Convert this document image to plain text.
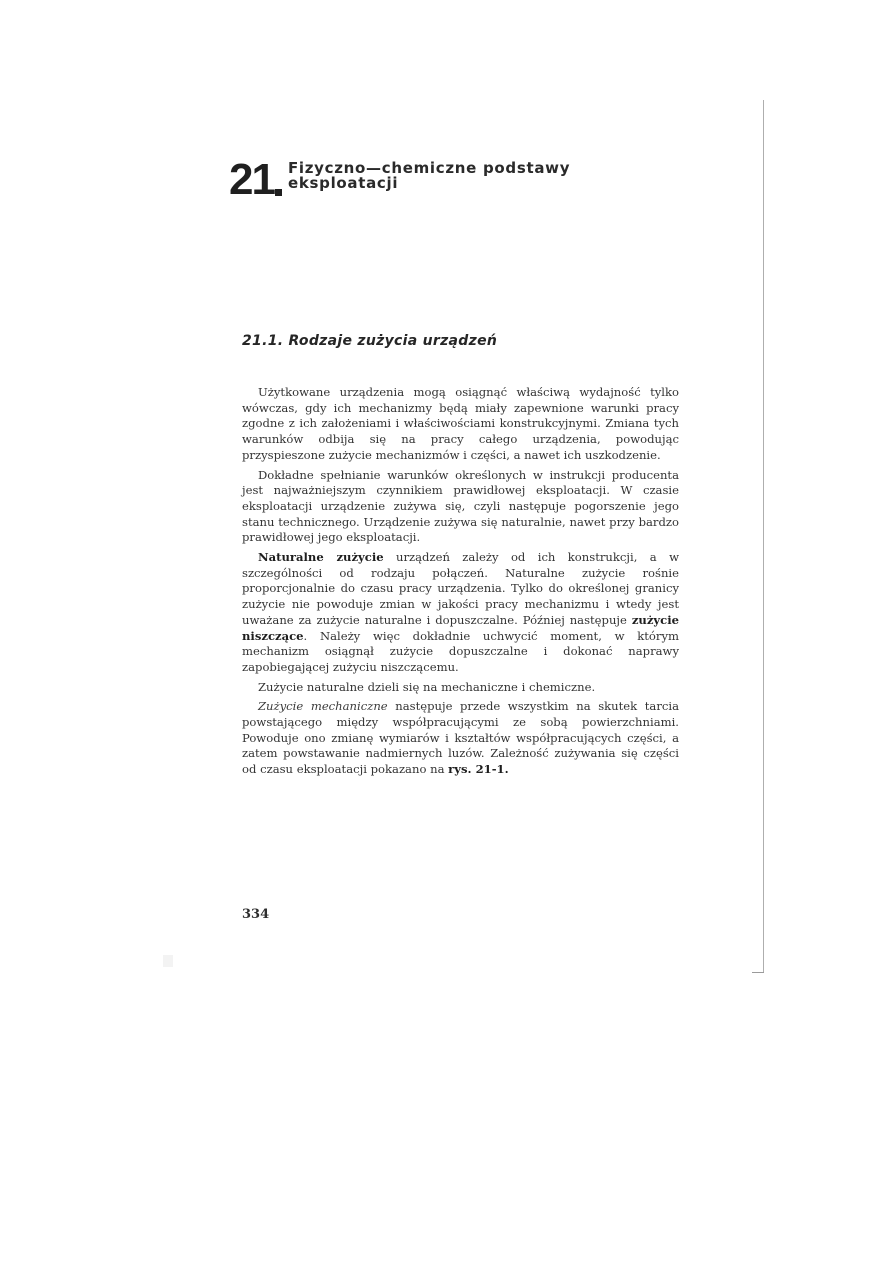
21 Fizyczno—chemiczne podstawy
eksploatacji
21.1. Rodzaje zużycia urządzeń

Użytkowane urządzenia mogą osiągnąć właściwą wydajność tylko wówczas, gdy ich mechanizmy będą miały zapewnione warunki pracy zgodne z ich założeniami i właściwościami konstrukcyjnymi. Zmiana tych warunków odbija się na pracy całego urządzenia, powodując przyspieszone zużycie mechanizmów i części, a nawet ich uszkodzenie.

Dokładne spełnianie warunków określonych w instrukcji producenta jest najważniejszym czynnikiem prawidłowej eksploatacji. W czasie eksploatacji urządzenie zużywa się, czyli następuje pogorszenie jego stanu technicznego. Urządzenie zużywa się naturalnie, nawet przy bardzo prawidłowej jego eksploatacji.

Naturalne zużycie urządzeń zależy od ich konstrukcji, a w szczególności od rodzaju połączeń. Naturalne zużycie rośnie proporcjonalnie do czasu pracy urządzenia. Tylko do określonej granicy zużycie nie powoduje zmian w jakości pracy mechanizmu i wtedy jest uważane za zużycie naturalne i dopuszczalne. Później następuje zużycie niszczące. Należy więc dokładnie uchwycić moment, w którym mechanizm osiągnął zużycie dopuszczalne i dokonać naprawy zapobiegającej zużyciu niszczącemu.

Zużycie naturalne dzieli się na mechaniczne i chemiczne.

Zużycie mechaniczne następuje przede wszystkim na skutek tarcia powstającego między współpracującymi ze sobą powierzchniami. Powoduje ono zmianę wymiarów i kształtów współpracujących części, a zatem powstawanie nadmiernych luzów. Zależność zużywania się części od czasu eksploatacji pokazano na rys. 21-1.

334
